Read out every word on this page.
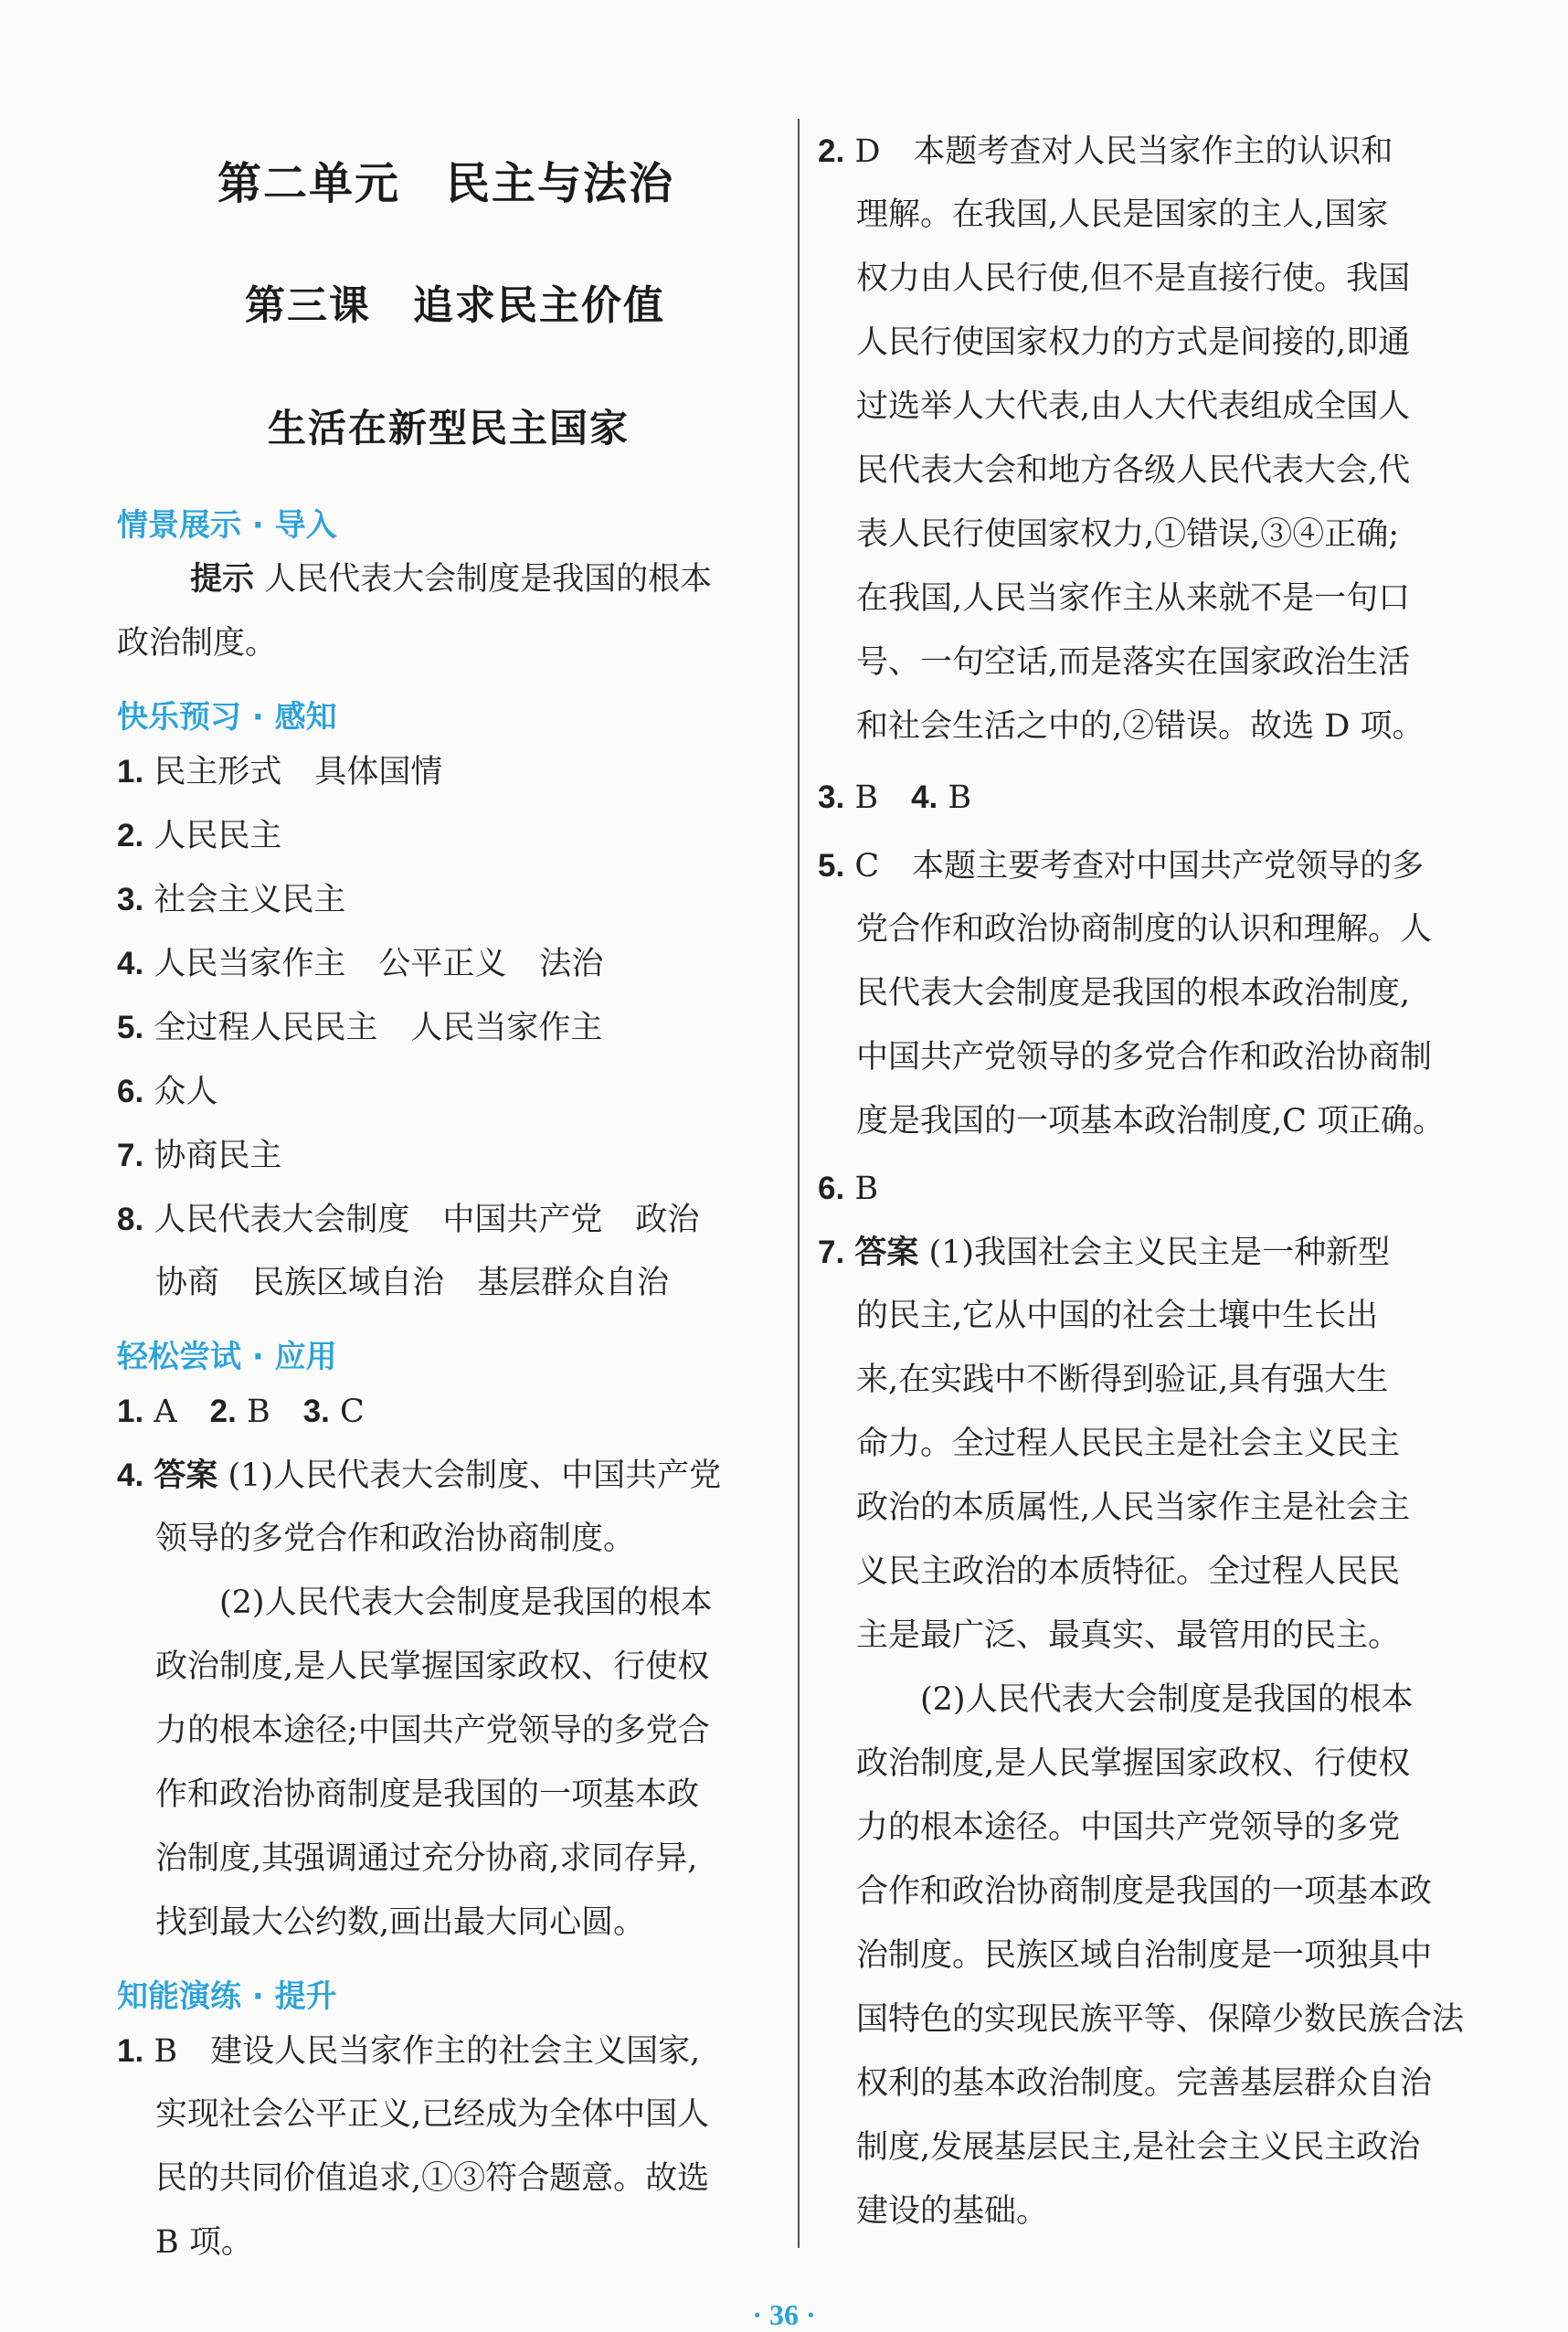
第二单元　民主与法治
第三课　追求民主价值
生活在新型民主国家
情景展示 · 导入
提示 人民代表大会制度是我国的根本
政治制度。
快乐预习 · 感知
1. 民主形式 具体国情
2. 人民民主
3. 社会主义民主
4. 人民当家作主 公平正义 法治
5. 全过程人民民主 人民当家作主
6. 众人
7. 协商民主
8. 人民代表大会制度 中国共产党 政治
协商 民族区域自治 基层群众自治
轻松尝试 · 应用
1. A 2. B 3. C
4. 答案 (1)人民代表大会制度、中国共产党
领导的多党合作和政治协商制度。
(2)人民代表大会制度是我国的根本
政治制度,是人民掌握国家政权、行使权
力的根本途径;中国共产党领导的多党合
作和政治协商制度是我国的一项基本政
治制度,其强调通过充分协商,求同存异,
找到最大公约数,画出最大同心圆。
知能演练 · 提升
1. B 建设人民当家作主的社会主义国家,
实现社会公平正义,已经成为全体中国人
民的共同价值追求,①③符合题意。故选
B 项。
2. D 本题考查对人民当家作主的认识和
理解。在我国,人民是国家的主人,国家
权力由人民行使,但不是直接行使。我国
人民行使国家权力的方式是间接的,即通
过选举人大代表,由人大代表组成全国人
民代表大会和地方各级人民代表大会,代
表人民行使国家权力,①错误,③④正确;
在我国,人民当家作主从来就不是一句口
号、一句空话,而是落实在国家政治生活
和社会生活之中的,②错误。故选 D 项。
3. B 4. B
5. C 本题主要考查对中国共产党领导的多
党合作和政治协商制度的认识和理解。人
民代表大会制度是我国的根本政治制度,
中国共产党领导的多党合作和政治协商制
度是我国的一项基本政治制度,C 项正确。
6. B
7. 答案 (1)我国社会主义民主是一种新型
的民主,它从中国的社会土壤中生长出
来,在实践中不断得到验证,具有强大生
命力。全过程人民民主是社会主义民主
政治的本质属性,人民当家作主是社会主
义民主政治的本质特征。全过程人民民
主是最广泛、最真实、最管用的民主。
(2)人民代表大会制度是我国的根本
政治制度,是人民掌握国家政权、行使权
力的根本途径。中国共产党领导的多党
合作和政治协商制度是我国的一项基本政
治制度。民族区域自治制度是一项独具中
国特色的实现民族平等、保障少数民族合法
权利的基本政治制度。完善基层群众自治
制度,发展基层民主,是社会主义民主政治
建设的基础。
· 36 ·
